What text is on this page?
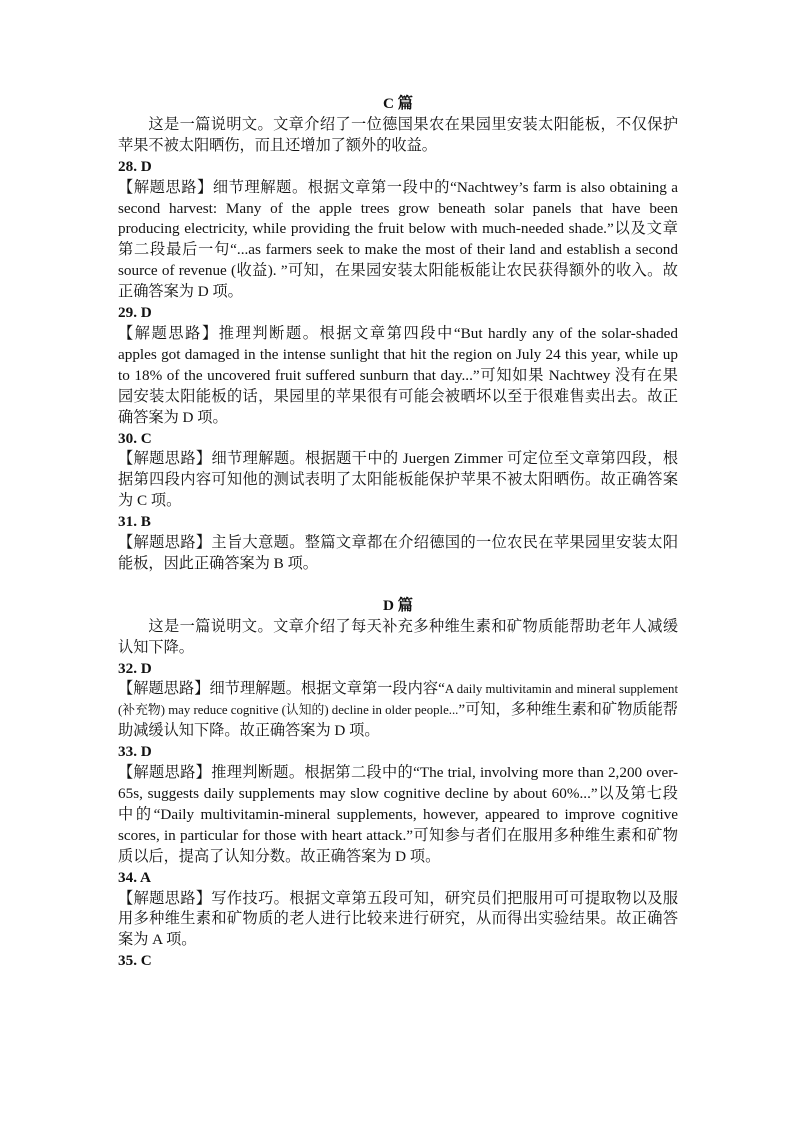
C 篇

这是一篇说明文。文章介绍了一位德国果农在果园里安装太阳能板，不仅保护苹果不被太阳晒伤，而且还增加了额外的收益。

28. D

【解题思路】细节理解题。根据文章第一段中的“Nachtwey’s farm is also obtaining a second harvest: Many of the apple trees grow beneath solar panels that have been producing electricity, while providing the fruit below with much-needed shade.”以及文章第二段最后一句“...as farmers seek to make the most of their land and establish a second source of revenue (收益). ”可知，在果园安装太阳能板能让农民获得额外的收入。故正确答案为 D 项。

29. D

【解题思路】推理判断题。根据文章第四段中“But hardly any of the solar-shaded apples got damaged in the intense sunlight that hit the region on July 24 this year, while up to 18% of the uncovered fruit suffered sunburn that day...”可知如果 Nachtwey 没有在果园安装太阳能板的话，果园里的苹果很有可能会被晒坏以至于很难售卖出去。故正确答案为 D 项。

30. C

【解题思路】细节理解题。根据题干中的 Juergen Zimmer 可定位至文章第四段，根据第四段内容可知他的测试表明了太阳能板能保护苹果不被太阳晒伤。故正确答案为 C 项。

31. B

【解题思路】主旨大意题。整篇文章都在介绍德国的一位农民在苹果园里安装太阳能板，因此正确答案为 B 项。

D 篇

这是一篇说明文。文章介绍了每天补充多种维生素和矿物质能帮助老年人减缓认知下降。

32. D

【解题思路】细节理解题。根据文章第一段内容“A daily multivitamin and mineral supplement (补充物) may reduce cognitive (认知的) decline in older people...”可知，多种维生素和矿物质能帮助减缓认知下降。故正确答案为 D 项。

33. D

【解题思路】推理判断题。根据第二段中的“The trial, involving more than 2,200 over-65s, suggests daily supplements may slow cognitive decline by about 60%...”以及第七段中的“Daily multivitamin-mineral supplements, however, appeared to improve cognitive scores, in particular for those with heart attack.”可知参与者们在服用多种维生素和矿物质以后，提高了认知分数。故正确答案为 D 项。

34. A

【解题思路】写作技巧。根据文章第五段可知，研究员们把服用可可提取物以及服用多种维生素和矿物质的老人进行比较来进行研究，从而得出实验结果。故正确答案为 A 项。

35. C
